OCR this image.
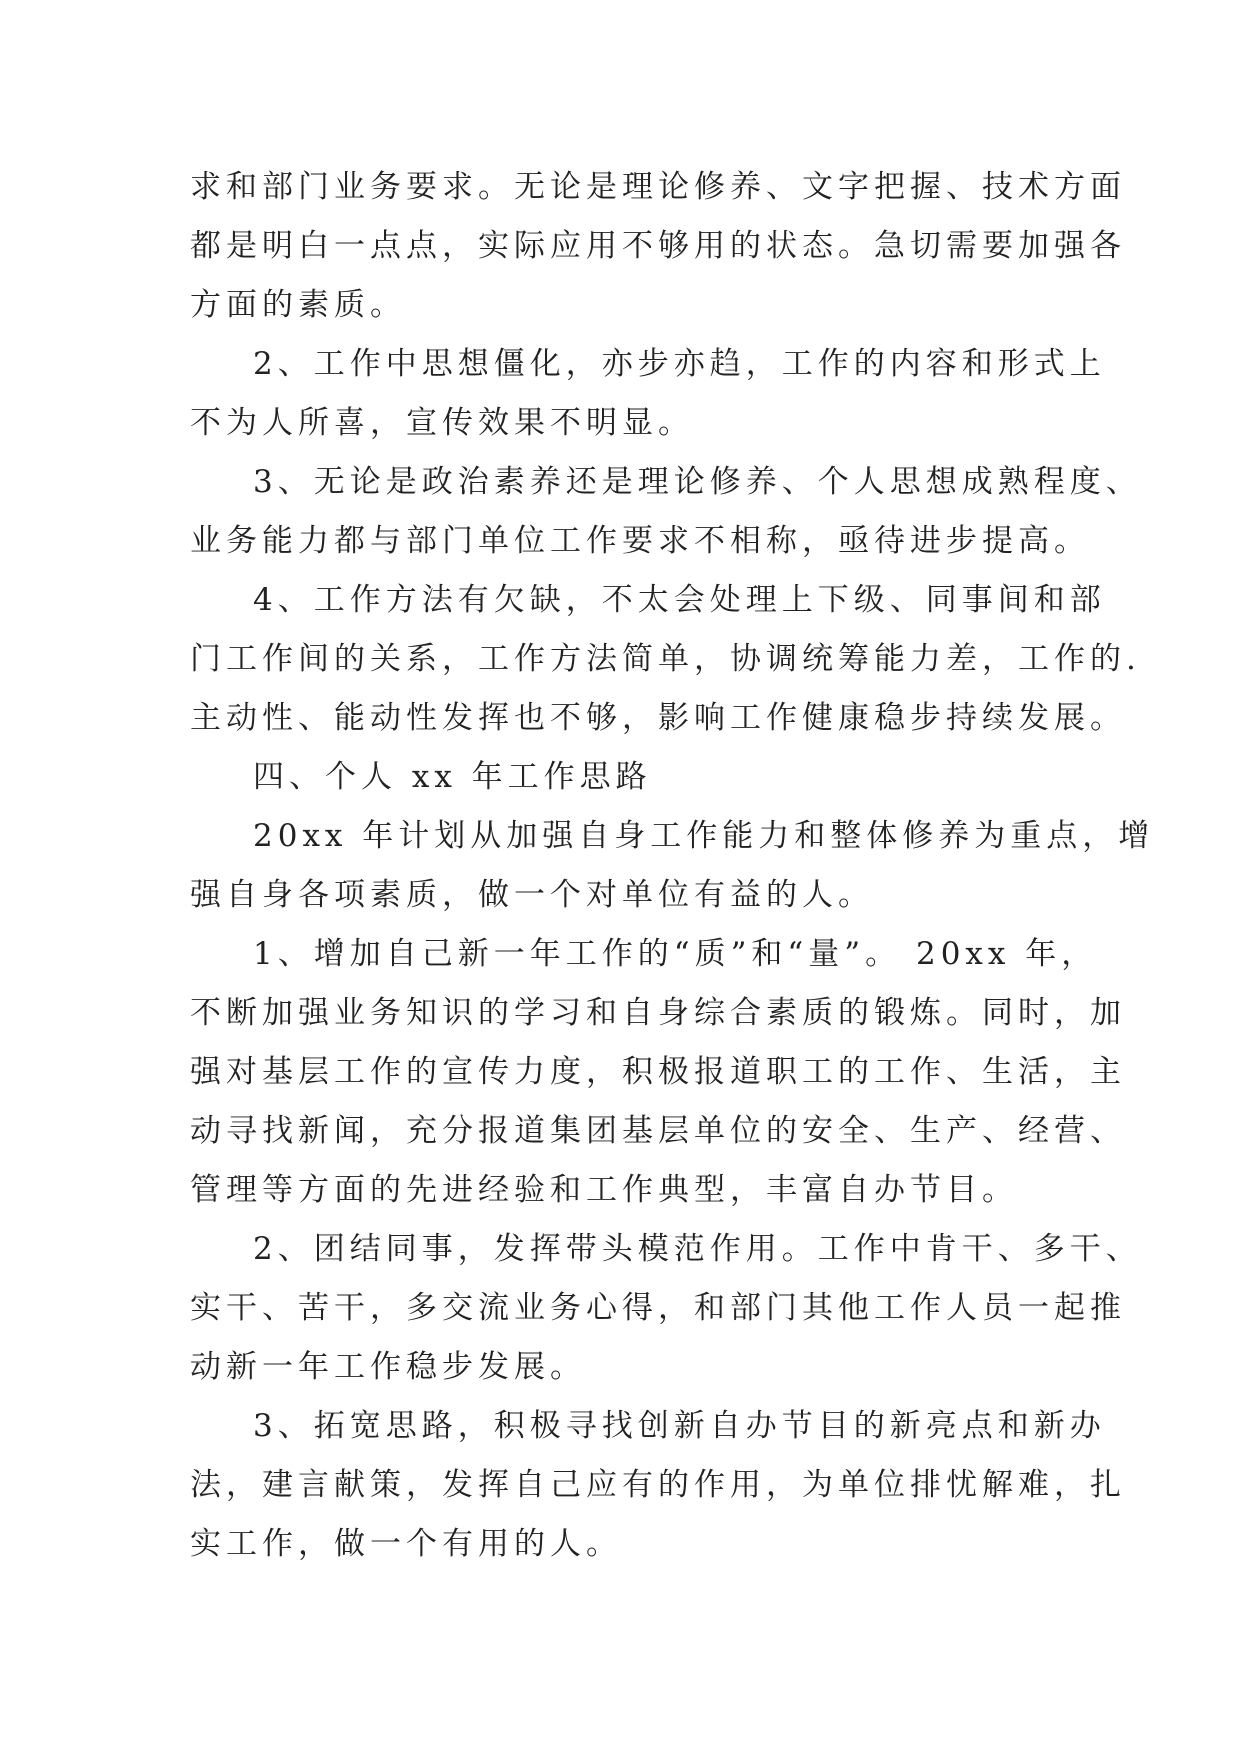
求和部门业务要求。无论是理论修养、文字把握、技术方面

都是明白一点点，实际应用不够用的状态。急切需要加强各

方面的素质。

2、工作中思想僵化，亦步亦趋，工作的内容和形式上

不为人所喜，宣传效果不明显。

3、无论是政治素养还是理论修养、个人思想成熟程度、

业务能力都与部门单位工作要求不相称，亟待进步提高。

4、工作方法有欠缺，不太会处理上下级、同事间和部

门工作间的关系，工作方法简单，协调统筹能力差，工作的.

主动性、能动性发挥也不够，影响工作健康稳步持续发展。

四、个人 xx 年工作思路

20xx 年计划从加强自身工作能力和整体修养为重点，增

强自身各项素质，做一个对单位有益的人。

1、增加自己新一年工作的“质”和“量”。 20xx 年，

不断加强业务知识的学习和自身综合素质的锻炼。同时，加

强对基层工作的宣传力度，积极报道职工的工作、生活，主

动寻找新闻，充分报道集团基层单位的安全、生产、经营、

管理等方面的先进经验和工作典型，丰富自办节目。

2、团结同事，发挥带头模范作用。工作中肯干、多干、

实干、苦干，多交流业务心得，和部门其他工作人员一起推

动新一年工作稳步发展。

3、拓宽思路，积极寻找创新自办节目的新亮点和新办

法，建言献策，发挥自己应有的作用，为单位排忧解难，扎

实工作，做一个有用的人。
